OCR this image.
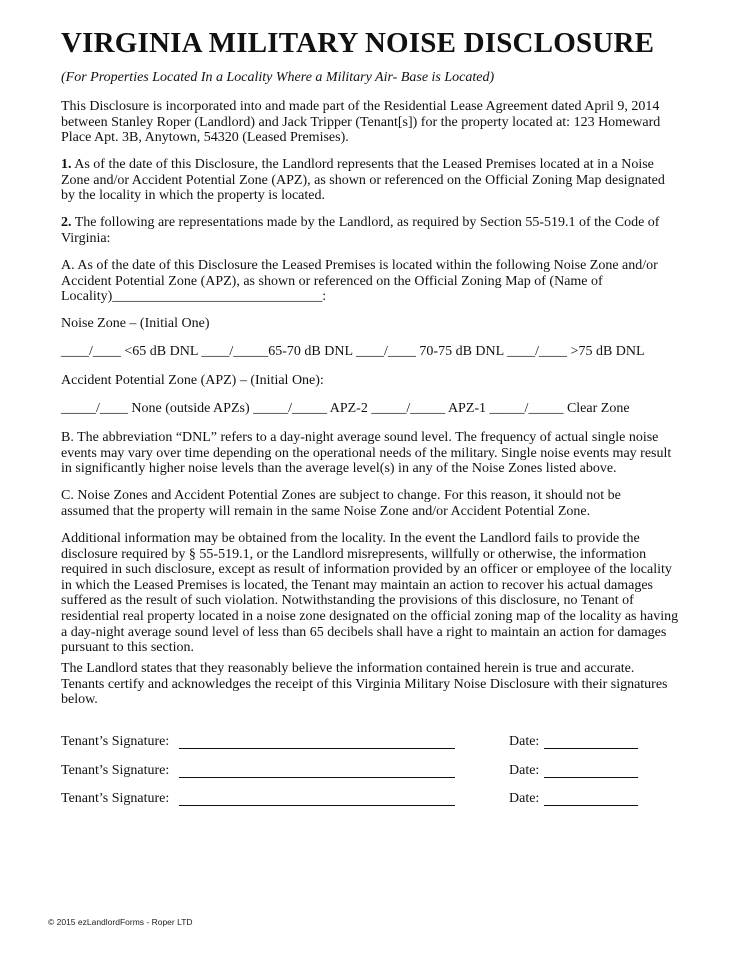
VIRGINIA MILITARY NOISE DISCLOSURE
(For Properties Located In a Locality Where a Military Air- Base is Located)

This Disclosure is incorporated into and made part of the Residential Lease Agreement dated April 9, 2014
between Stanley Roper (Landlord) and Jack Tripper (Tenant[s]) for the property located at: 123 Homeward
Place Apt. 3B, Anytown, 54320 (Leased Premises).

1. As of the date of this Disclosure, the Landlord represents that the Leased Premises located at in a Noise
Zone and/or Accident Potential Zone (APZ), as shown or referenced on the Official Zoning Map designated
by the locality in which the property is located.

2. The following are representations made by the Landlord, as required by Section 55-519.1 of the Code of
Virginia:

A. As of the date of this Disclosure the Leased Premises is located within the following Noise Zone and/or
Accident Potential Zone (APZ), as shown or referenced on the Official Zoning Map of (Name of
Locality)______________________________:

Noise Zone – (Initial One)
____/____ <65 dB DNL ____/_____65-70 dB DNL ____/____ 70-75 dB DNL ____/____ >75 dB DNL
Accident Potential Zone (APZ) – (Initial One):
_____/____ None (outside APZs) _____/_____ APZ-2 _____/_____ APZ-1 _____/_____ Clear Zone

B. The abbreviation “DNL” refers to a day-night average sound level. The frequency of actual single noise
events may vary over time depending on the operational needs of the military. Single noise events may result
in significantly higher noise levels than the average level(s) in any of the Noise Zones listed above.

C. Noise Zones and Accident Potential Zones are subject to change. For this reason, it should not be
assumed that the property will remain in the same Noise Zone and/or Accident Potential Zone.

Additional information may be obtained from the locality. In the event the Landlord fails to provide the
disclosure required by § 55-519.1, or the Landlord misrepresents, willfully or otherwise, the information
required in such disclosure, except as result of information provided by an officer or employee of the locality
in which the Leased Premises is located, the Tenant may maintain an action to recover his actual damages
suffered as the result of such violation. Notwithstanding the provisions of this disclosure, no Tenant of
residential real property located in a noise zone designated on the official zoning map of the locality as having
a day-night average sound level of less than 65 decibels shall have a right to maintain an action for damages
pursuant to this section.

The Landlord states that they reasonably believe the information contained herein is true and accurate.
Tenants certify and acknowledges the receipt of this Virginia Military Noise Disclosure with their signatures
below.

Tenant’s Signature:	Date:
Tenant’s Signature:	Date:
Tenant’s Signature:	Date:
© 2015 ezLandlordForms - Roper LTD
